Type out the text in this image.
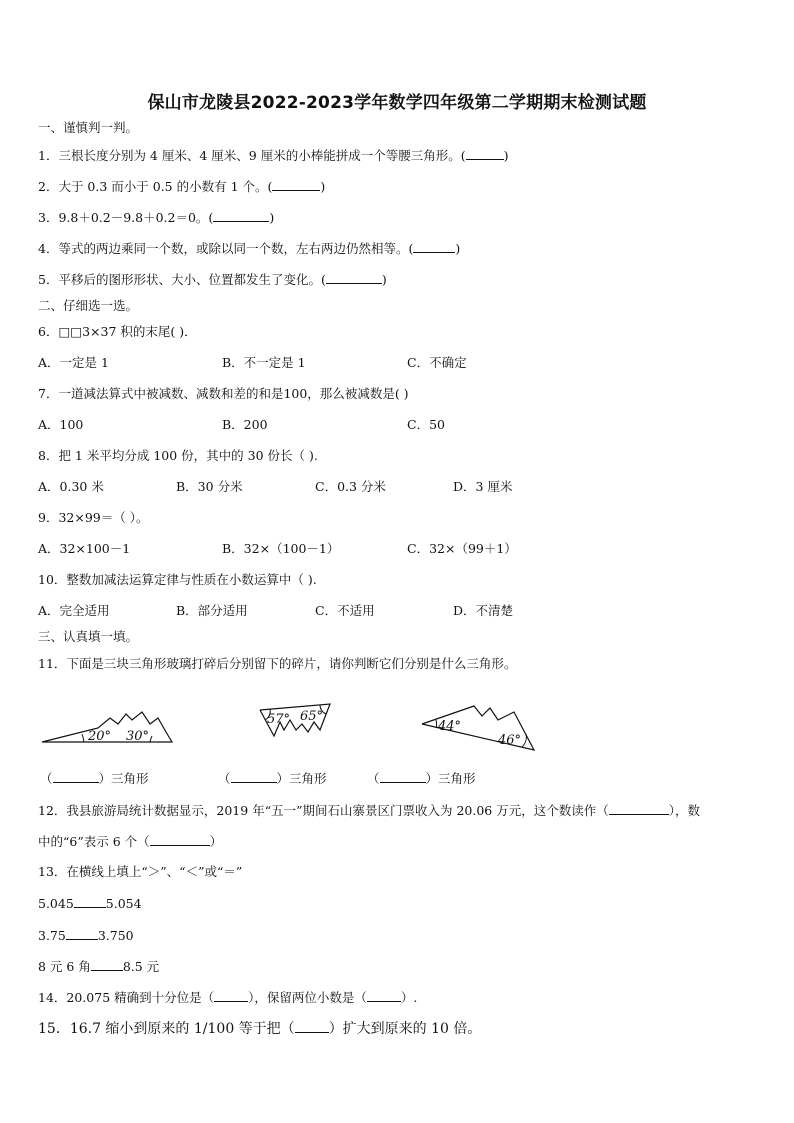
保山市龙陵县2022-2023学年数学四年级第二学期期末检测试题
一、谨慎判一判。
1．三根长度分别为 4 厘米、4 厘米、9 厘米的小棒能拼成一个等腰三角形。(	)
2．大于 0.3 而小于 0.5 的小数有 1 个。(	)
3．9.8＋0.2－9.8＋0.2＝0。(	)
4．等式的两边乘同一个数，或除以同一个数，左右两边仍然相等。(	)
5．平移后的图形形状、大小、位置都发生了变化。(	)
二、仔细选一选。
6．□□3×37 积的末尾( )．
A．一定是 1	B．不一定是 1	C．不确定
7．一道减法算式中被减数、减数和差的和是100，那么被减数是( )
A．100	B．200	C．50
8．把 1 米平均分成 100 份，其中的 30 份长（ ).
A．0.30 米	B．30 分米	C．0.3 分米	D．3 厘米
9．32×99＝（ ）。
A．32×100－1	B．32×（100－1）	C．32×（99＋1）
10．整数加减法运算定律与性质在小数运算中（ ).
A．完全适用	B．部分适用	C．不适用	D．不清楚
三、认真填一填。
11．下面是三块三角形玻璃打碎后分别留下的碎片，请你判断它们分别是什么三角形。
20° 30°
57° 65°
44°
46°
（	）三角形	（	）三角形	（	）三角形
12．我县旅游局统计数据显示，2019 年“五一”期间石山寨景区门票收入为 20.06 万元，这个数读作（	），数
中的“6”表示 6 个（	）
13．在横线上填上“＞”、“＜”或“＝”
5.045	5.054
3.75	3.750
8 元 6 角	8.5 元
14．20.075 精确到十分位是（	），保留两位小数是（	）.
15．16.7 缩小到原来的 1/100 等于把（ ）扩大到原来的 10 倍。
